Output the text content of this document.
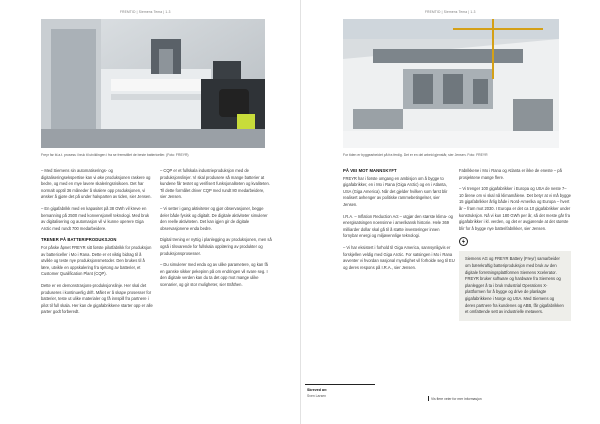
FREMTID | Siemens Tema | 1-3
Freyr far bl.a.t. prosess i bruk til utviklingen i fra se fremstillet de beste battericeller. (Foto: FREYR)

– Med Siemens sin automatiserings- og digitaliseringsekspertise kan vi øke produksjonen raskere og bedre, og med en mye lavere skaleringsrisikoen. Det har normalt opptil 36 måneder å skalere opp produksjonen, vi ønsker å gjøre det på under halvparten av tiden, sier Jensen.

– En gigafabrikk med en kapasitet på 38 GWh vil kreve en bemanning på 2500 med konvensjonell teknologi. Med bruk av digitalisering og automasjon vil vi kunne operere Giga Arctic med rundt 700 medarbeidere.

TRENER PÅ BATTERIPRODUKSJON

For påske åpnet FREYR sitt første pilotfabrikk for produksjon av battericeller i Mo i Rana. Dette er et viktig bidrag til å utvikle og teste nye produksjonsmetoder. Den brukes til å lære, utvikle en oppskalering fra sjetong av batterier, et Customer Qualification Plant (CQP).

Dette er en demonstrasjons-produksjonslinje. Her skal det produseres i kontinuerlig drift. Målet er å skape prosesser for batterier, teste ut ulike materialer og få innspill fra partnere i pilot til full skala. Her kan de gigafabrikkene starter opp er alle parter godt forberedt.

– CQP er et fullskala industrieproduksjon med de produksjonslinjer. Vi skal produsere så mange batterier at kundene får testet og verifisert funksjonaliteten og kvaliteten. Til dette formålet driver CQP med rundt 80 medarbeidere, sier Jensen.

– Vi setter i gang aktiviteter og gjør observasjoner, begge deler både fysisk og digitalt. De digitale aktiviteter simulerer den reelle aktiviteten. Det kan igjen gir de digitale observasjonene enda bedre.

Digital trening er nyttig i planlegging av produksjonen, men så også i tilsvarende for fullskala opplæring av produkter og produksjonsprosesser.

– Du simulerer med enda og av ulike parametere, og kan få en ganske sikker pekepinn på om endringen vil svare seg. I den digitale verden kan du ta det opp mot mange ulike scenarier, og gir stor muligheter, sier Bråthen.

FREMTID | Siemens Tema | 1-3
For tiden er byggearbeidet på fra ferdig. Det er en del arbeid gjenstår, sier Jensen. Foto: FREYR
PÅ VEI MOT MANNSKYFT

FREYR har i første omgang en ambisjon om å bygge to gigafabrikker, en i Mo i Rana (Giga Arctic) og en i Atlanta, USA (Giga America). Når det gjelder hvilken som først blir realisert avhenger av politiske rammebetingelser, sier Jensen.

I.R.A. – Inflation Reduction Act – utgjør den største klima- og energisatsingen noensinne i amerikansk historie. Hele 369 milliarder dollar skal gå til å støtte investeringer innen fornybar energi og miljøvennlige teknologi.

– Vi har eksistert i forhold til Giga America, sannsynligvis er forskjellen veldig med Giga Arctic. For satsingen i Mo i Rana avventer vi hvordan nasjonal myndighet vil forholde seg til EU og deres respons på I.R.A., sier Jensen.

Fabrikkene i Mo i Rana og Atlanta er ikke de eneste – på prosjektene mange flere.

– Vi trenger 100 gigafabrikker i Europa og USA de neste 7–10 årene om vi skal nå klimamålene. Det betyr at vi må bygge 15 gigafabrikker årlig både i Nord-Amerika og Europa – hvert år – fram mot 2030. I Europa er det ca 10 gigafabrikker under konstruksjon. Nå vi kun 180 GWh per år, så det meste går fra gigafabrikker i kl. verden, og det er avgjørende at det største blir for å bygge nye batterifabrikker, sier Jensen.

Siemens AG og FREYR Battery (Freyr) samarbeider om bærekraftig batteriproduksjon med bruk av den digitale forretningsplattformen Siemens Xcelerator. FREYR bruker software og hardware fra Siemens og planlegger å ta i bruk Industrial Operations X-plattformen for å bygge og drive de planlagte gigafabrikkene i Norge og USA. Med Siemens og deres partnere fra kundenes og ABB, får gigafabrikken et omfattende sett av industrielle metavers.
Skreved av:
Sven Larsen
Vis flere veier for mer informasjon
